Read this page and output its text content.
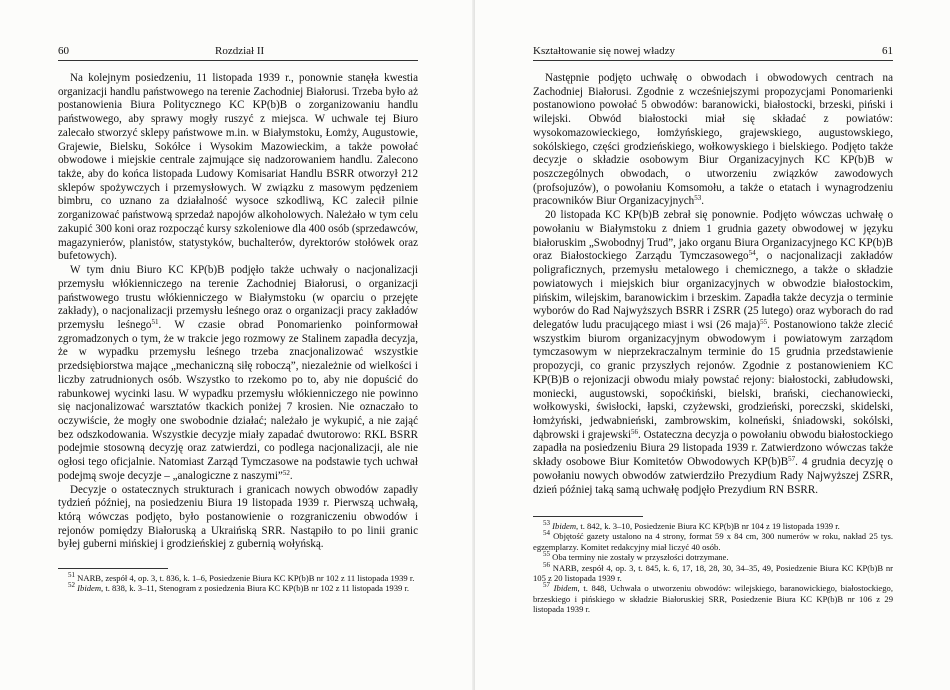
60	Rozdział II

Na kolejnym posiedzeniu, 11 listopada 1939 r., ponownie stanęła kwestia organizacji handlu państwowego na terenie Zachodniej Białorusi. Trzeba było aż postanowienia Biura Politycznego KC KP(b)B o zorganizowaniu handlu państwowego, aby sprawy mogły ruszyć z miejsca. W uchwale tej Biuro zalecało stworzyć sklepy państwowe m.in. w Białymstoku, Łomży, Augustowie, Grajewie, Bielsku, Sokółce i Wysokim Mazowieckim, a także powołać obwodowe i miejskie centrale zajmujące się nadzorowaniem handlu. Zalecono także, aby do końca listopada Ludowy Komisariat Handlu BSRR otworzył 212 sklepów spożywczych i przemysłowych. W związku z masowym pędzeniem bimbru, co uznano za działalność wysoce szkodliwą, KC zalecił pilnie zorganizować państwową sprzedaż napojów alkoholowych. Należało w tym celu zakupić 300 koni oraz rozpocząć kursy szkoleniowe dla 400 osób (sprzedawców, magazynierów, planistów, statystyków, buchalterów, dyrektorów stołówek oraz bufetowych).

W tym dniu Biuro KC KP(b)B podjęło także uchwały o nacjonalizacji przemysłu włókienniczego na terenie Zachodniej Białorusi, o organizacji państwowego trustu włókienniczego w Białymstoku (w oparciu o przejęte zakłady), o nacjonalizacji przemysłu leśnego oraz o organizacji pracy zakładów przemysłu leśnego$^{51}$. W czasie obrad Ponomarienko poinformował zgromadzonych o tym, że w trakcie jego rozmowy ze Stalinem zapadła decyzja, że w wypadku przemysłu leśnego trzeba znacjonalizować wszystkie przedsiębiorstwa mające „mechaniczną siłę roboczą”, niezależnie od wielkości i liczby zatrudnionych osób. Wszystko to rzekomo po to, aby nie dopuścić do rabunkowej wycinki lasu. W wypadku przemysłu włókienniczego nie powinno się nacjonalizować warsztatów tkackich poniżej 7 krosien. Nie oznaczało to oczywiście, że mogły one swobodnie działać; należało je wykupić, a nie zająć bez odszkodowania. Wszystkie decyzje miały zapadać dwutorowo: RKL BSRR podejmie stosowną decyzję oraz zatwierdzi, co podlega nacjonalizacji, ale nie ogłosi tego oficjalnie. Natomiast Zarząd Tymczasowe na podstawie tych uchwał podejmą swoje decyzje – „analogiczne z naszymi”$^{52}$.

Decyzje o ostatecznych strukturach i granicach nowych obwodów zapadły tydzień później, na posiedzeniu Biura 19 listopada 1939 r. Pierwszą uchwałą, którą wówczas podjęto, było postanowienie o rozgraniczeniu obwodów i rejonów pomiędzy Białoruską a Ukraińską SRR. Nastąpiło to po linii granic byłej guberni mińskiej i grodzieńskiej z gubernią wołyńską.

$^{51}$ NARB, zespół 4, op. 3, t. 836, k. 1–6, Posiedzenie Biura KC KP(b)B nr 102 z 11 listopada 1939 r.
$^{52}$ Ibidem, t. 838, k. 3–11, Stenogram z posiedzenia Biura KC KP(b)B nr 102 z 11 listopada 1939 r.
Kształtowanie się nowej władzy	61

Następnie podjęto uchwałę o obwodach i obwodowych centrach na Zachodniej Białorusi. Zgodnie z wcześniejszymi propozycjami Ponomarienki postanowiono powołać 5 obwodów: baranowicki, białostocki, brzeski, piński i wilejski. Obwód białostocki miał się składać z powiatów: wysokomazowieckiego, łomżyńskiego, grajewskiego, augustowskiego, sokólskiego, części grodzieńskiego, wołkowyskiego i bielskiego. Podjęto także decyzje o składzie osobowym Biur Organizacyjnych KC KP(b)B w poszczególnych obwodach, o utworzeniu związków zawodowych (profsojuzów), o powołaniu Komsomołu, a także o etatach i wynagrodzeniu pracowników Biur Organizacyjnych$^{53}$.

20 listopada KC KP(b)B zebrał się ponownie. Podjęto wówczas uchwałę o powołaniu w Białymstoku z dniem 1 grudnia gazety obwodowej w języku białoruskim „Swobodnyj Trud”, jako organu Biura Organizacyjnego KC KP(b)B oraz Białostockiego Zarządu Tymczasowego$^{54}$, o nacjonalizacji zakładów poligraficznych, przemysłu metalowego i chemicznego, a także o składzie powiatowych i miejskich biur organizacyjnych w obwodzie białostockim, pińskim, wilejskim, baranowickim i brzeskim. Zapadła także decyzja o terminie wyborów do Rad Najwyższych BSRR i ZSRR (25 lutego) oraz wyborach do rad delegatów ludu pracującego miast i wsi (26 maja)$^{55}$. Postanowiono także zlecić wszystkim biurom organizacyjnym obwodowym i powiatowym zarządom tymczasowym w nieprzekraczalnym terminie do 15 grudnia przedstawienie propozycji, co granic przyszłych rejonów. Zgodnie z postanowieniem KC KP(B)B o rejonizacji obwodu miały powstać rejony: białostocki, zabłudowski, moniecki, augustowski, sopoćkiński, bielski, brański, ciechanowiecki, wołkowyski, świsłocki, łapski, czyżewski, grodzieński, poreczski, skidelski, łomżyński, jedwabnieński, zambrowskim, kolneński, śniadowski, sokólski, dąbrowski i grajewski$^{56}$. Ostateczna decyzja o powołaniu obwodu białostockiego zapadła na posiedzeniu Biura 29 listopada 1939 r. Zatwierdzono wówczas także składy osobowe Biur Komitetów Obwodowych $KP(b)B^{57}$. 4 grudnia decyzję o powołaniu nowych obwodów zatwierdziło Prezydium Rady Najwyższej ZSRR, dzień później taką samą uchwałę podjęło Prezydium RN BSRR.

$^{53}$ Ibidem, t. 842, k. 3–10, Posiedzenie Biura KC KP(b)B nr 104 z 19 listopada 1939 r.
$^{54}$ Objętość gazety ustalono na 4 strony, format 59 x 84 cm, 300 numerów w roku, nakład 25 tys. egzemplarzy. Komitet redakcyjny miał liczyć 40 osób.
$^{55}$ Oba terminy nie zostały w przyszłości dotrzymane.
$^{56}$ NARB, zespół 4, op. 3, t. 845, k. 6, 17, 18, 28, 30, 34–35, 49, Posiedzenie Biura KC KP(b)B nr 105 z 20 listopada 1939 r.
$^{57}$ Ibidem, t. 848, Uchwała o utworzeniu obwodów: wilejskiego, baranowickiego, białostockiego, brzeskiego i pińskiego w składzie Białoruskiej SRR, Posiedzenie Biura KC KP(b)B nr 106 z 29 listopada 1939 r.
